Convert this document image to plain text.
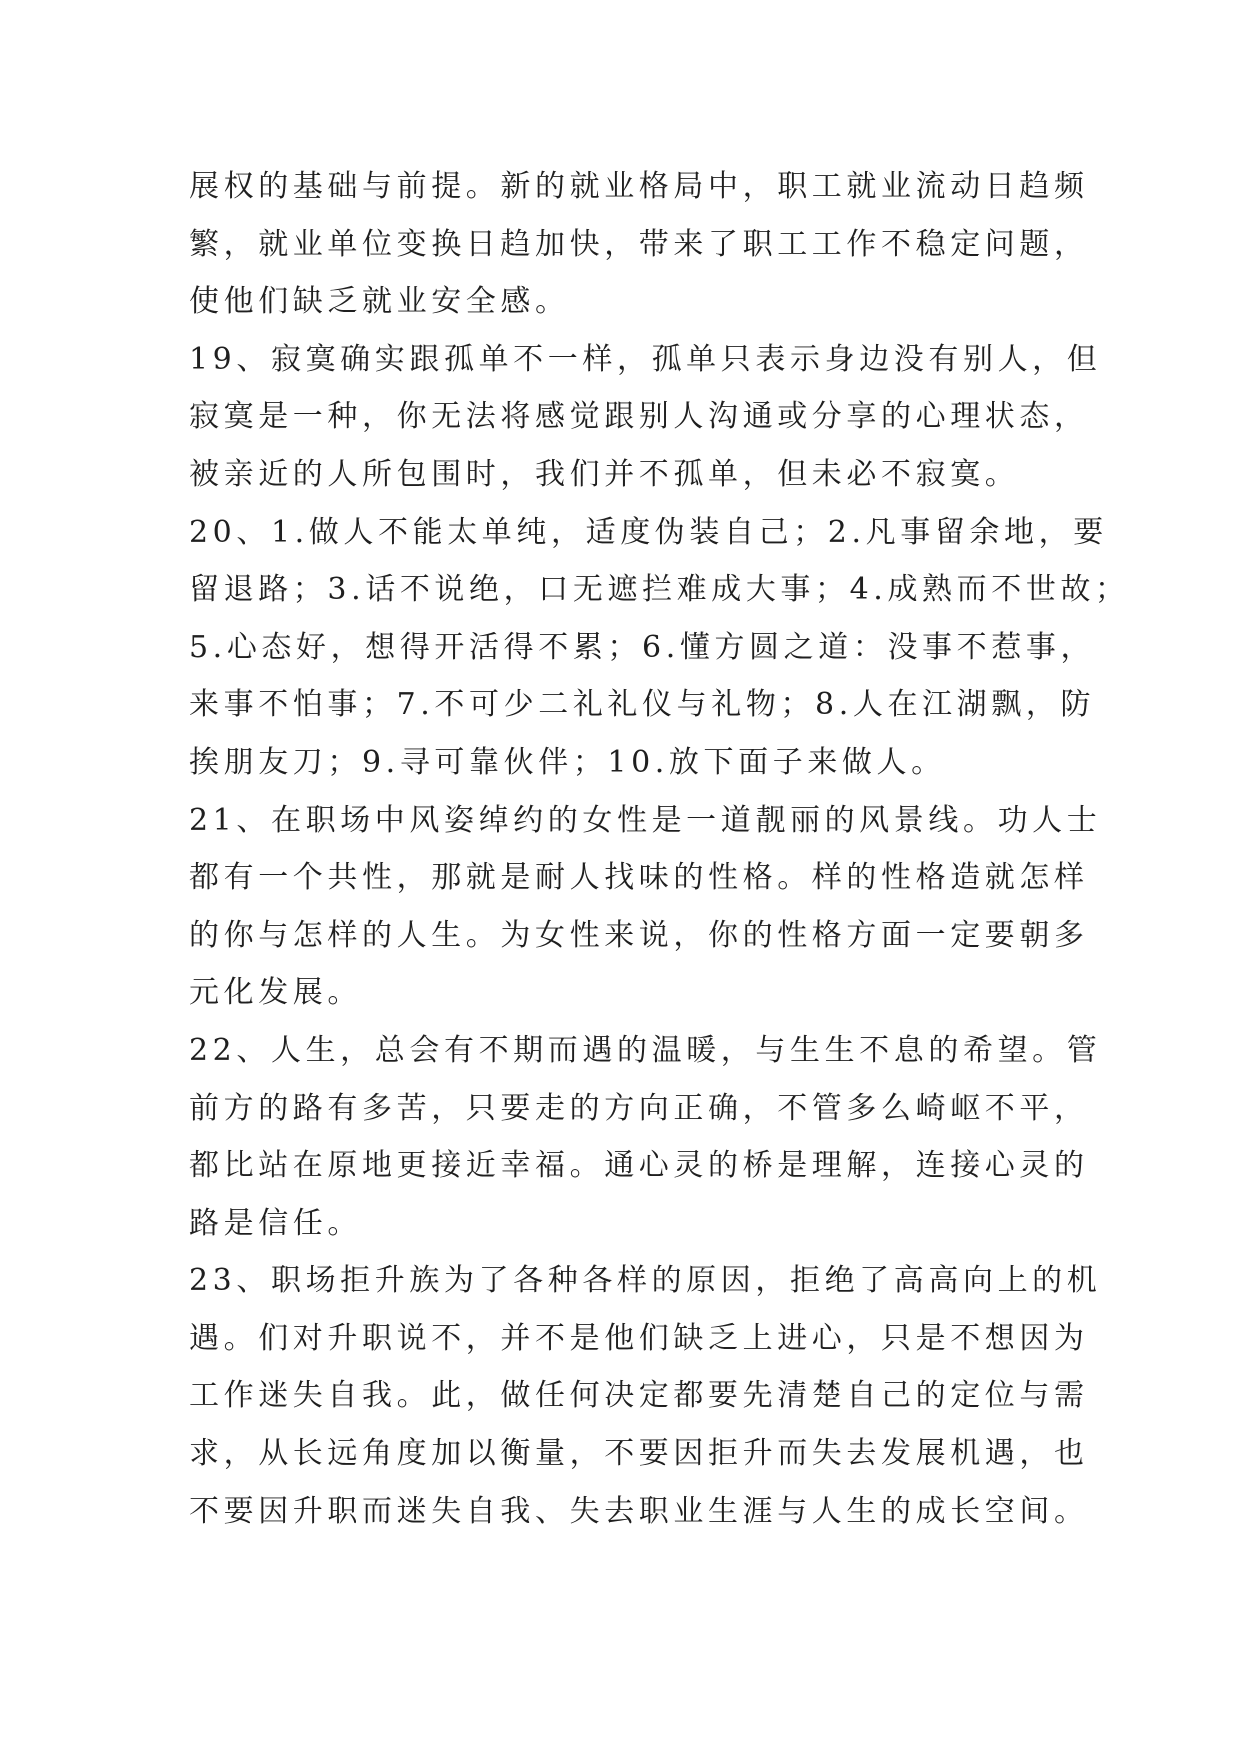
展权的基础与前提。新的就业格局中，职工就业流动日趋频
繁，就业单位变换日趋加快，带来了职工工作不稳定问题，
使他们缺乏就业安全感。
19、寂寞确实跟孤单不一样，孤单只表示身边没有别人，但
寂寞是一种，你无法将感觉跟别人沟通或分享的心理状态，
被亲近的人所包围时，我们并不孤单，但未必不寂寞。
20、1.做人不能太单纯，适度伪装自己；2.凡事留余地，要
留退路；3.话不说绝，口无遮拦难成大事；4.成熟而不世故；
5.心态好，想得开活得不累；6.懂方圆之道：没事不惹事，
来事不怕事；7.不可少二礼礼仪与礼物；8.人在江湖飘，防
挨朋友刀；9.寻可靠伙伴；10.放下面子来做人。
21、在职场中风姿绰约的女性是一道靓丽的风景线。功人士
都有一个共性，那就是耐人找味的性格。样的性格造就怎样
的你与怎样的人生。为女性来说，你的性格方面一定要朝多
元化发展。
22、人生，总会有不期而遇的温暖，与生生不息的希望。管
前方的路有多苦，只要走的方向正确，不管多么崎岖不平，
都比站在原地更接近幸福。通心灵的桥是理解，连接心灵的
路是信任。
23、职场拒升族为了各种各样的原因，拒绝了高高向上的机
遇。们对升职说不，并不是他们缺乏上进心，只是不想因为
工作迷失自我。此，做任何决定都要先清楚自己的定位与需
求，从长远角度加以衡量，不要因拒升而失去发展机遇，也
不要因升职而迷失自我、失去职业生涯与人生的成长空间。
